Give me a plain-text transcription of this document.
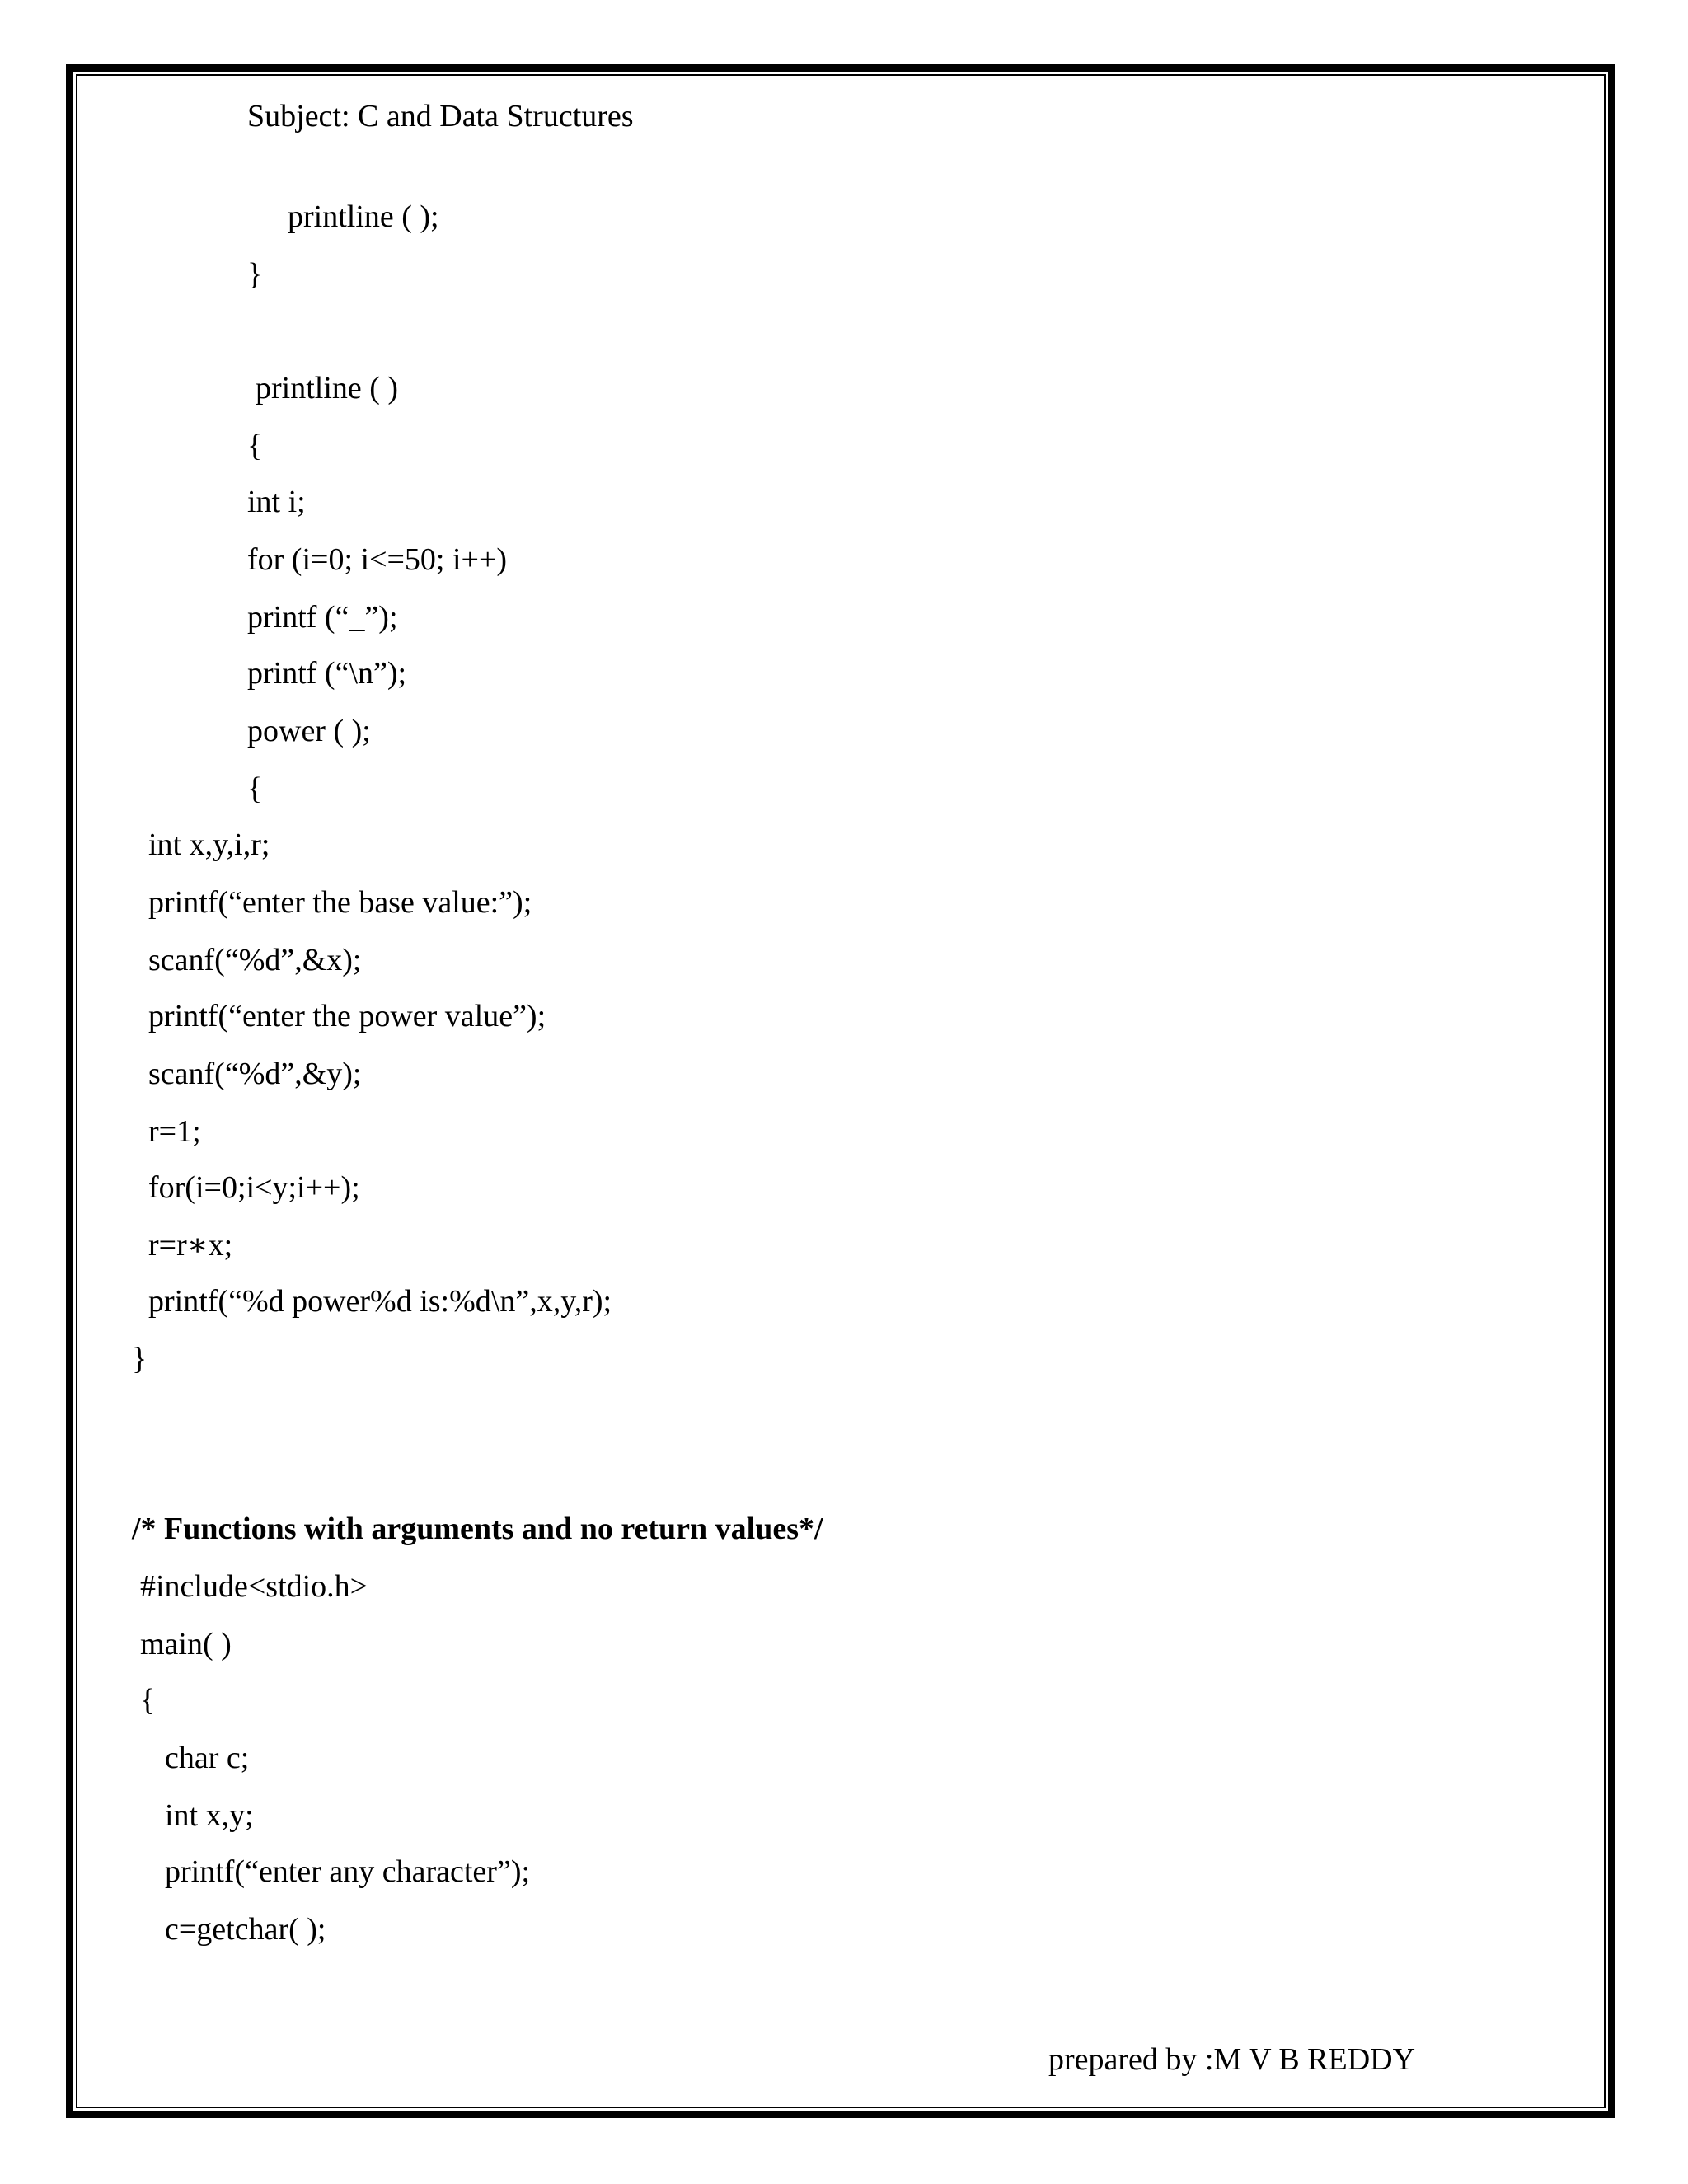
Subject: C and Data Structures
printline ( );
}
printline ( )
{
int i;
for (i=0; i<=50; i++)
printf (“_”);
printf (“\n”);
power ( );
{
int x,y,i,r;
printf(“enter the base value:”);
scanf(“%d”,&x);
printf(“enter the power value”);
scanf(“%d”,&y);
r=1;
for(i=0;i<y;i++);
r=r∗x;
printf(“%d power%d is:%d\n”,x,y,r);
}
/* Functions with arguments and no return values*/
#include<stdio.h>
main( )
{
char c;
int x,y;
printf(“enter any character”);
c=getchar( );
prepared by :M V B REDDY
